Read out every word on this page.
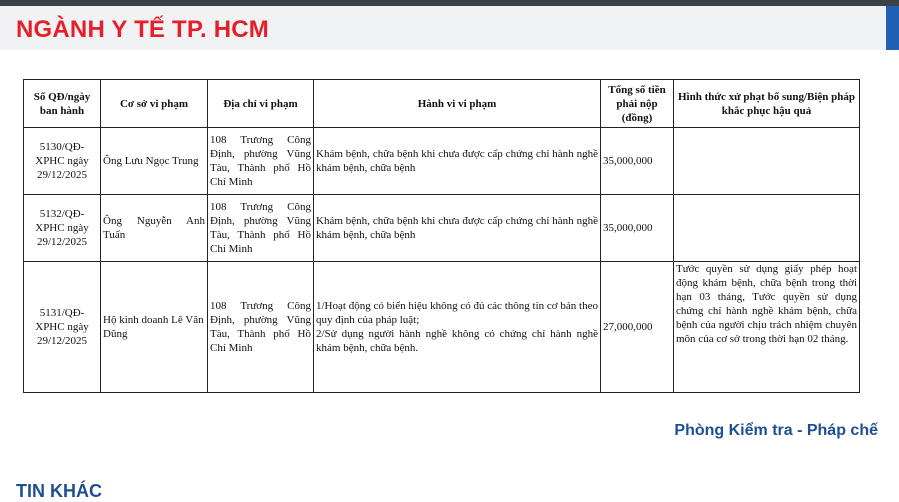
NGÀNH Y TẾ TP. HCM
Số QĐ/ngày ban hành	Cơ sở vi phạm	Địa chỉ vi phạm	Hành vi vi phạm	Tổng số tiền phải nộp (đồng)	Hình thức xử phạt bổ sung/Biện pháp khắc phục hậu quả
5130/QĐ-XPHC ngày 29/12/2025	Ông Lưu Ngọc Trung	108 Trương Công Định, phường Vũng Tàu, Thành phố Hồ Chí Minh	Khám bệnh, chữa bệnh khi chưa được cấp chứng chỉ hành nghề khám bệnh, chữa bệnh	35,000,000	
5132/QĐ-XPHC ngày 29/12/2025	Ông Nguyễn Anh Tuấn	108 Trương Công Định, phường Vũng Tàu, Thành phố Hồ Chí Minh	Khám bệnh, chữa bệnh khi chưa được cấp chứng chỉ hành nghề khám bệnh, chữa bệnh	35,000,000	
5131/QĐ-XPHC ngày 29/12/2025	Hộ kinh doanh Lê Văn Dũng	108 Trương Công Định, phường Vũng Tàu, Thành phố Hồ Chí Minh	1/Hoạt động có biển hiệu không có đủ các thông tin cơ bản theo quy định của pháp luật;
2/Sử dụng người hành nghề không có chứng chỉ hành nghề khám bệnh, chữa bệnh.	27,000,000	Tước quyền sử dụng giấy phép hoạt động khám bệnh, chữa bệnh trong thời hạn 03 tháng, Tước quyền sử dụng chứng chỉ hành nghề khám bệnh, chữa bệnh của người chịu trách nhiệm chuyên môn của cơ sở trong thời hạn 02 tháng.

Phòng Kiểm tra - Pháp chế

TIN KHÁC
